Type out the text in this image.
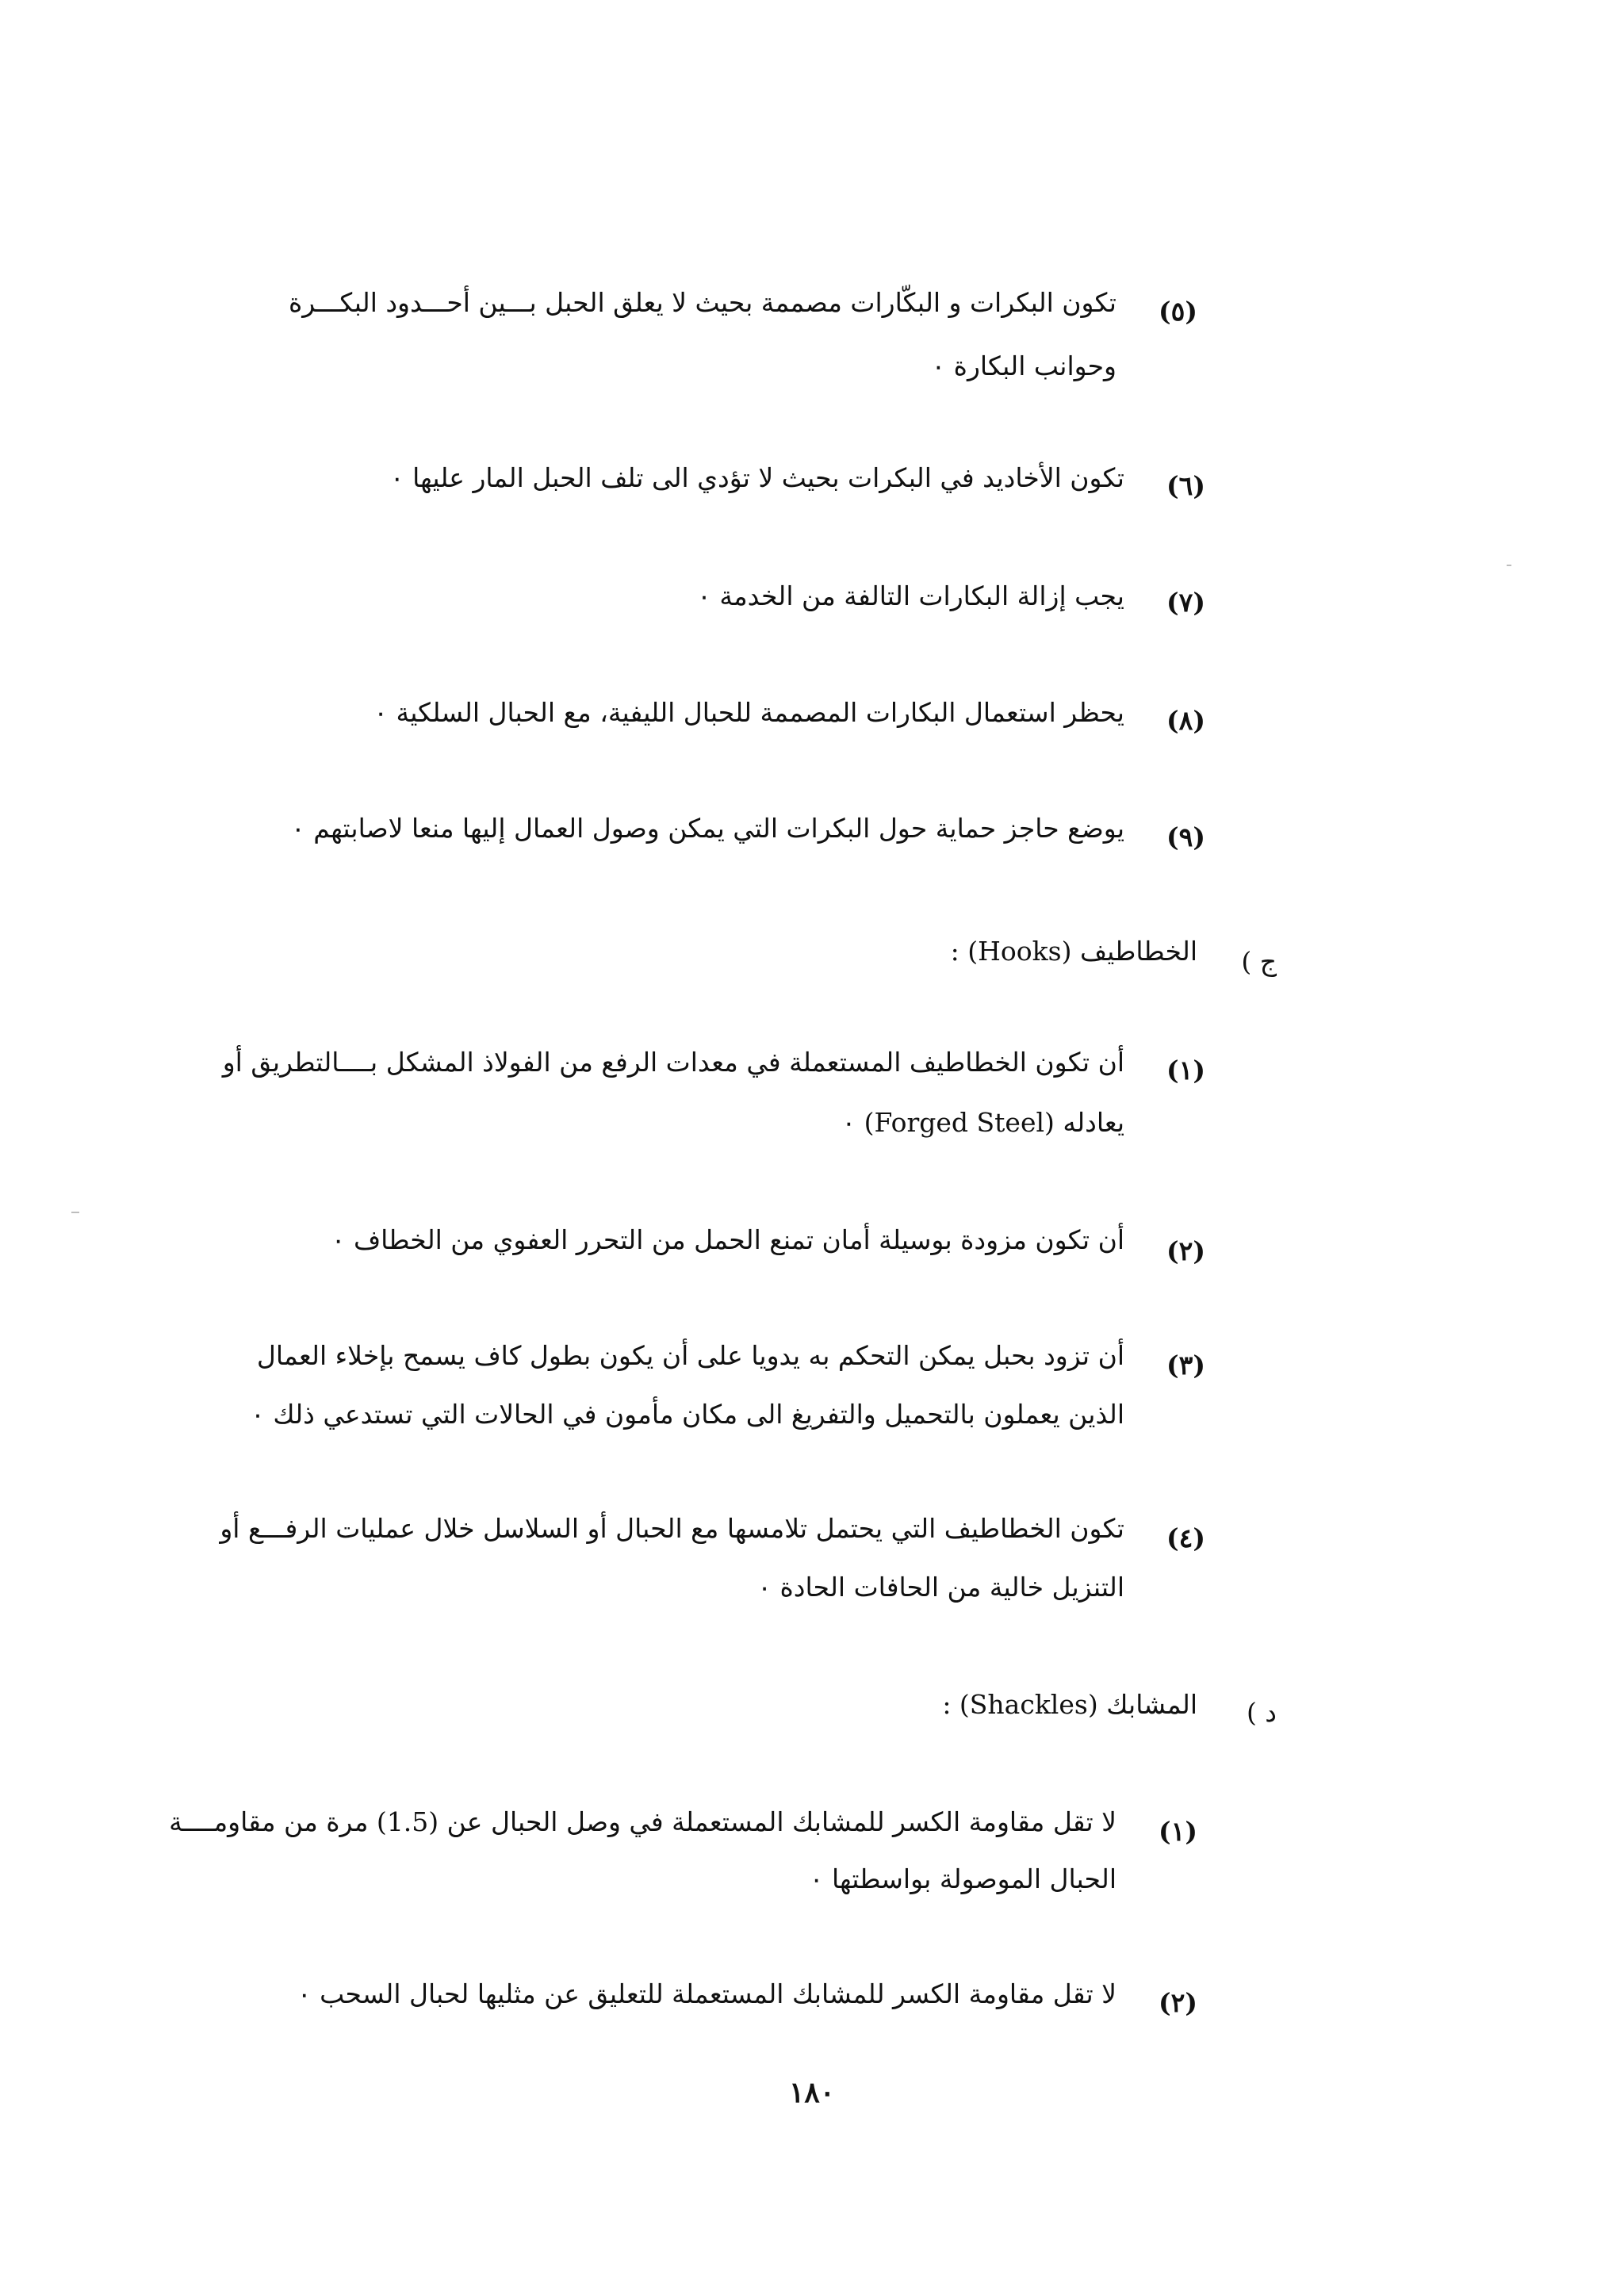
(٥)
تكون البكرات و البكّارات مصممة بحيث لا يعلق الحبل بـــين أحـــدود البكـــرة
وحوانب البكارة ٠
(٦)
تكون الأخاديد في البكرات بحيث لا تؤدي الى تلف الحبل المار عليها ٠
(٧)
يجب إزالة البكارات التالفة من الخدمة ٠
(٨)
يحظر استعمال البكارات المصممة للحبال الليفية، مع الحبال السلكية ٠
(٩)
يوضع حاجز حماية حول البكرات التي يمكن وصول العمال إليها منعا لاصابتهم ٠
ج )
الخطاطيف (Hooks) :
(١)
أن تكون الخطاطيف المستعملة في معدات الرفع من الفولاذ المشكل بــــالتطريق أو
يعادله (Forged Steel) ٠
(٢)
أن تكون مزودة بوسيلة أمان تمنع الحمل من التحرر العفوي من الخطاف ٠
(٣)
أن تزود بحبل يمكن التحكم به يدويا على أن يكون بطول كاف يسمح بإخلاء العمال
الذين يعملون بالتحميل والتفريغ الى مكان مأمون في الحالات التي تستدعي ذلك ٠
(٤)
تكون الخطاطيف التي يحتمل تلامسها مع الحبال أو السلاسل خلال عمليات الرفـــع أو
التنزيل خالية من الحافات الحادة ٠
د )
المشابك (Shackles) :
(١)
لا تقل مقاومة الكسر للمشابك المستعملة في وصل الحبال عن (1.5) مرة من مقاومــــة
الحبال الموصولة بواسطتها ٠
(٢)
لا تقل مقاومة الكسر للمشابك المستعملة للتعليق عن مثليها لحبال السحب ٠
١٨٠
